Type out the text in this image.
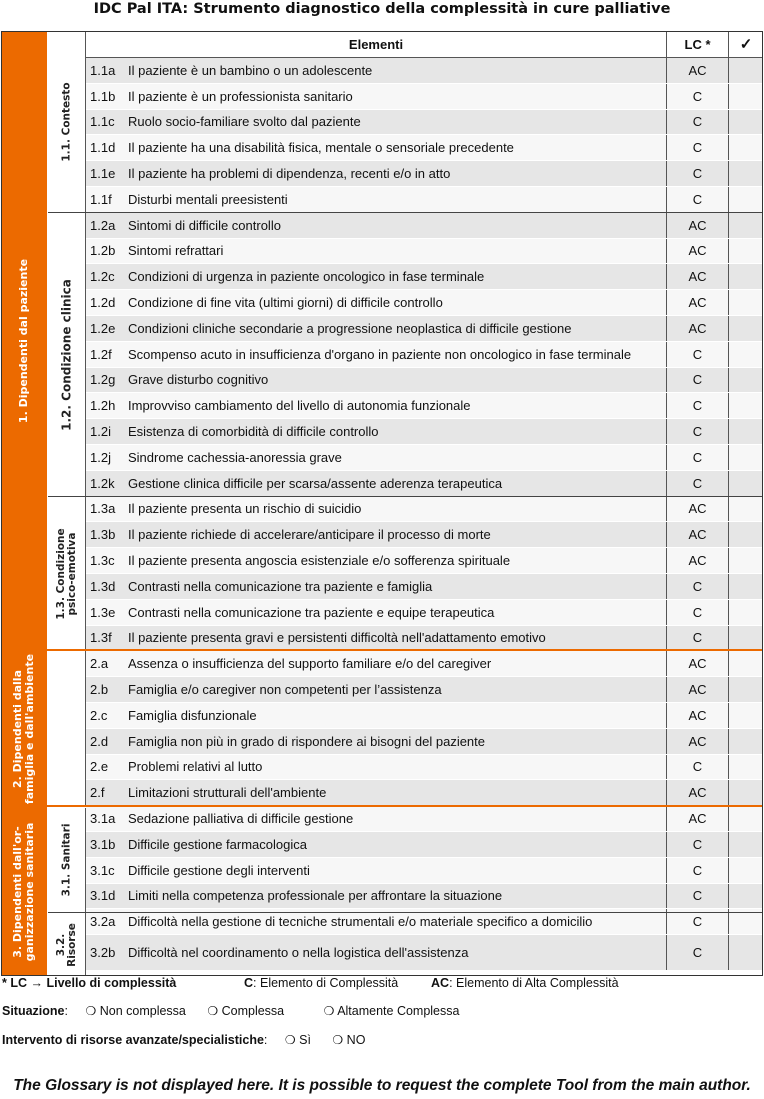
IDC Pal ITA: Strumento diagnostico della complessità in cure palliative
Elementi	LC *	✓
1. Dipendenti dal paziente
2. Dipendenti dalla famiglia e dall'ambiente
3. Dipendenti dall'or- ganizzazione sanitaria
1.1. Contesto
1.2. Condizione clinica
1.3. Condizione psico-emotiva
3.1. Sanitari
3.2. Risorse
1.1a Il paziente è un bambino o un adolescente	AC
1.1b Il paziente è un professionista sanitario	C
1.1c	Ruolo socio-familiare svolto dal paziente	C
1.1d Il paziente ha una disabilità fisica, mentale o sensoriale precedente	C
1.1e Il paziente ha problemi di dipendenza, recenti e/o in atto	C
1.1f	Disturbi mentali preesistenti	C
1.2a Sintomi di difficile controllo	AC
1.2b Sintomi refrattari	AC
1.2c	Condizioni di urgenza in paziente oncologico in fase terminale	AC
1.2d Condizione di fine vita (ultimi giorni) di difficile controllo	AC
1.2e Condizioni cliniche secondarie a progressione neoplastica di difficile gestione	AC
1.2f	Scompenso acuto in insufficienza d'organo in paziente non oncologico in fase terminale	C
1.2g Grave disturbo cognitivo	C
1.2h Improvviso cambiamento del livello di autonomia funzionale	C
1.2i	Esistenza di comorbidità di difficile controllo	C
1.2j	Sindrome cachessia-anoressia grave	C
1.2k	Gestione clinica difficile per scarsa/assente aderenza terapeutica	C
1.3a Il paziente presenta un rischio di suicidio	AC
1.3b Il paziente richiede di accelerare/anticipare il processo di morte	AC
1.3c	Il paziente presenta angoscia esistenziale e/o sofferenza spirituale	AC
1.3d Contrasti nella comunicazione tra paziente e famiglia	C
1.3e Contrasti nella comunicazione tra paziente e equipe terapeutica	C
1.3f	Il paziente presenta gravi e persistenti difficoltà nell'adattamento emotivo	C
2.a	Assenza o insufficienza del supporto familiare e/o del caregiver	AC
2.b	Famiglia e/o caregiver non competenti per l’assistenza	AC
2.c	Famiglia disfunzionale	AC
2.d	Famiglia non più in grado di rispondere ai bisogni del paziente	AC
2.e	Problemi relativi al lutto	C
2.f	Limitazioni strutturali dell'ambiente	AC
3.1a Sedazione palliativa di difficile gestione	AC
3.1b Difficile gestione farmacologica	C
3.1c	Difficile gestione degli interventi	C
3.1d Limiti nella competenza professionale per affrontare la situazione	C
3.2a Difficoltà nella gestione di tecniche strumentali e/o materiale specifico a domicilio	C
3.2b Difficoltà nel coordinamento o nella logistica dell'assistenza	C
* LC → Livello di complessità	C: Elemento di Complessità	AC: Elemento di Alta Complessità
Situazione: ❍ Non complessa ❍ Complessa	❍ Altamente Complessa
Intervento di risorse avanzate/specialistiche: ❍ Sì ❍ NO
The Glossary is not displayed here. It is possible to request the complete Tool from the main author.
